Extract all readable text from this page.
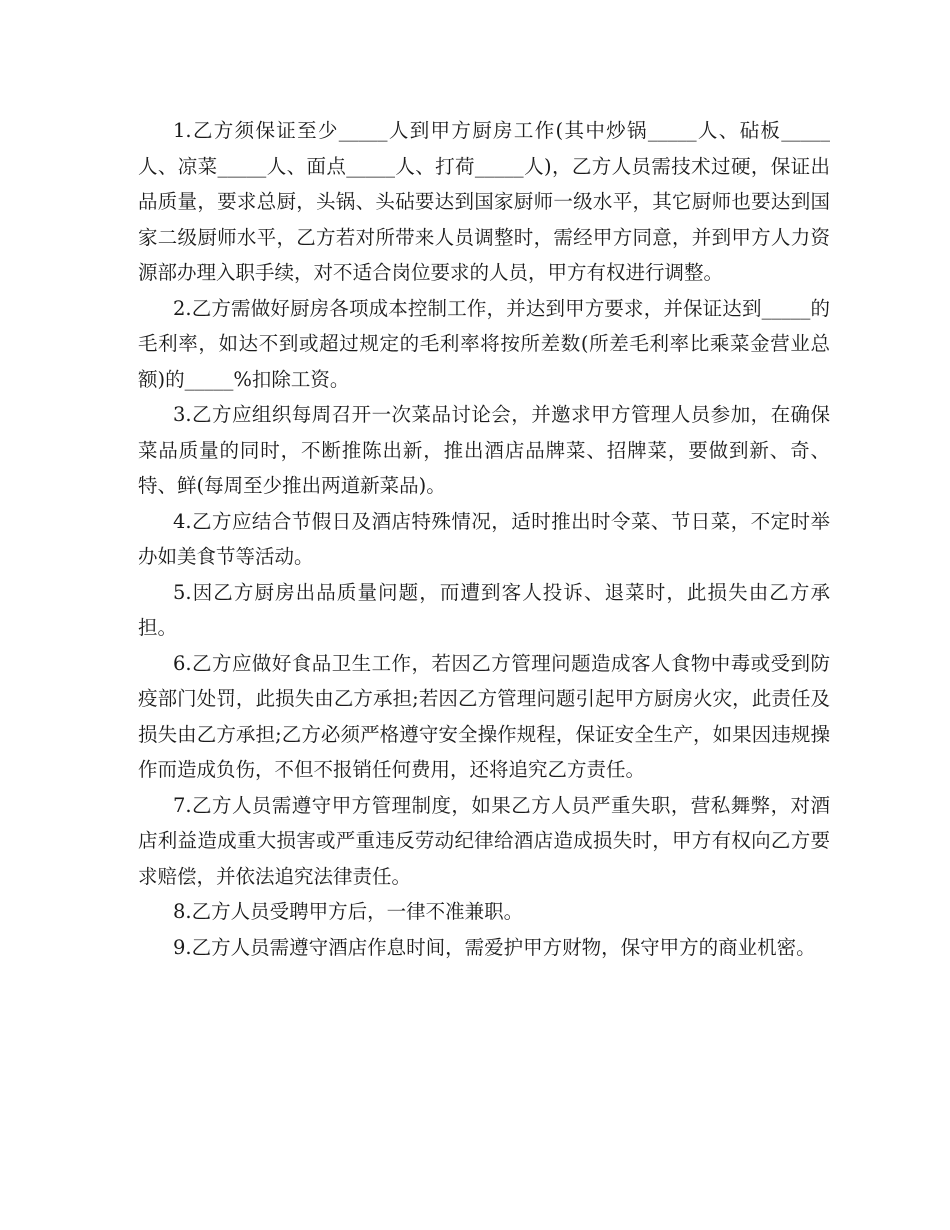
1.乙方须保证至少_____人到甲方厨房工作(其中炒锅_____人、砧板_____人、凉菜_____人、面点_____人、打荷_____人)，乙方人员需技术过硬，保证出品质量，要求总厨，头锅、头砧要达到国家厨师一级水平，其它厨师也要达到国家二级厨师水平，乙方若对所带来人员调整时，需经甲方同意，并到甲方人力资源部办理入职手续，对不适合岗位要求的人员，甲方有权进行调整。

2.乙方需做好厨房各项成本控制工作，并达到甲方要求，并保证达到_____的毛利率，如达不到或超过规定的毛利率将按所差数(所差毛利率比乘菜金营业总额)的_____%扣除工资。

3.乙方应组织每周召开一次菜品讨论会，并邀求甲方管理人员参加，在确保菜品质量的同时，不断推陈出新，推出酒店品牌菜、招牌菜，要做到新、奇、特、鲜(每周至少推出两道新菜品)。

4.乙方应结合节假日及酒店特殊情况，适时推出时令菜、节日菜，不定时举办如美食节等活动。

5.因乙方厨房出品质量问题，而遭到客人投诉、退菜时，此损失由乙方承担。

6.乙方应做好食品卫生工作，若因乙方管理问题造成客人食物中毒或受到防疫部门处罚，此损失由乙方承担;若因乙方管理问题引起甲方厨房火灾，此责任及损失由乙方承担;乙方必须严格遵守安全操作规程，保证安全生产，如果因违规操作而造成负伤，不但不报销任何费用，还将追究乙方责任。

7.乙方人员需遵守甲方管理制度，如果乙方人员严重失职，营私舞弊，对酒店利益造成重大损害或严重违反劳动纪律给酒店造成损失时，甲方有权向乙方要求赔偿，并依法追究法律责任。

8.乙方人员受聘甲方后，一律不准兼职。

9.乙方人员需遵守酒店作息时间，需爱护甲方财物，保守甲方的商业机密。
